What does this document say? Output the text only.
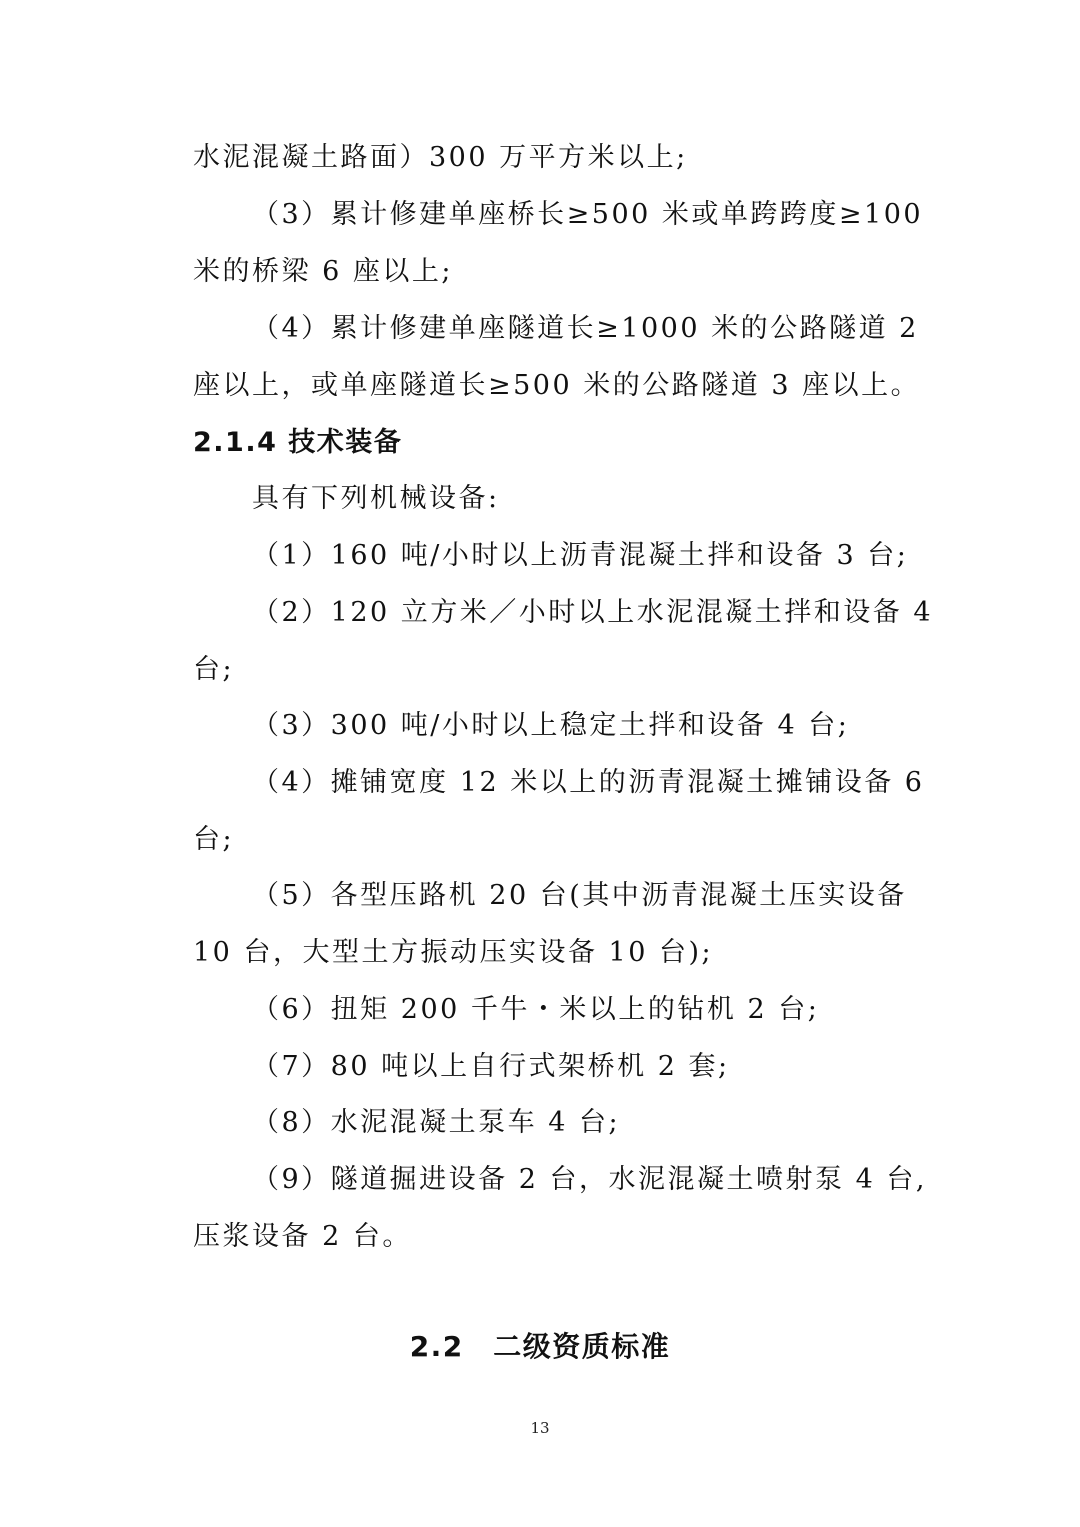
水泥混凝土路面）300 万平方米以上;
（3）累计修建单座桥长≥500 米或单跨跨度≥100
米的桥梁 6 座以上;
（4）累计修建单座隧道长≥1000 米的公路隧道 2
座以上，或单座隧道长≥500 米的公路隧道 3 座以上。
2.1.4 技术装备
具有下列机械设备:
（1）160 吨/小时以上沥青混凝土拌和设备 3 台;
（2）120 立方米／小时以上水泥混凝土拌和设备 4
台;
（3）300 吨/小时以上稳定土拌和设备 4 台;
（4）摊铺宽度 12 米以上的沥青混凝土摊铺设备 6
台;
（5）各型压路机 20 台(其中沥青混凝土压实设备
10 台，大型土方振动压实设备 10 台);
（6）扭矩 200 千牛・米以上的钻机 2 台;
（7）80 吨以上自行式架桥机 2 套;
（8）水泥混凝土泵车 4 台;
（9）隧道掘进设备 2 台，水泥混凝土喷射泵 4 台,
压浆设备 2 台。
2.2　二级资质标准
13
